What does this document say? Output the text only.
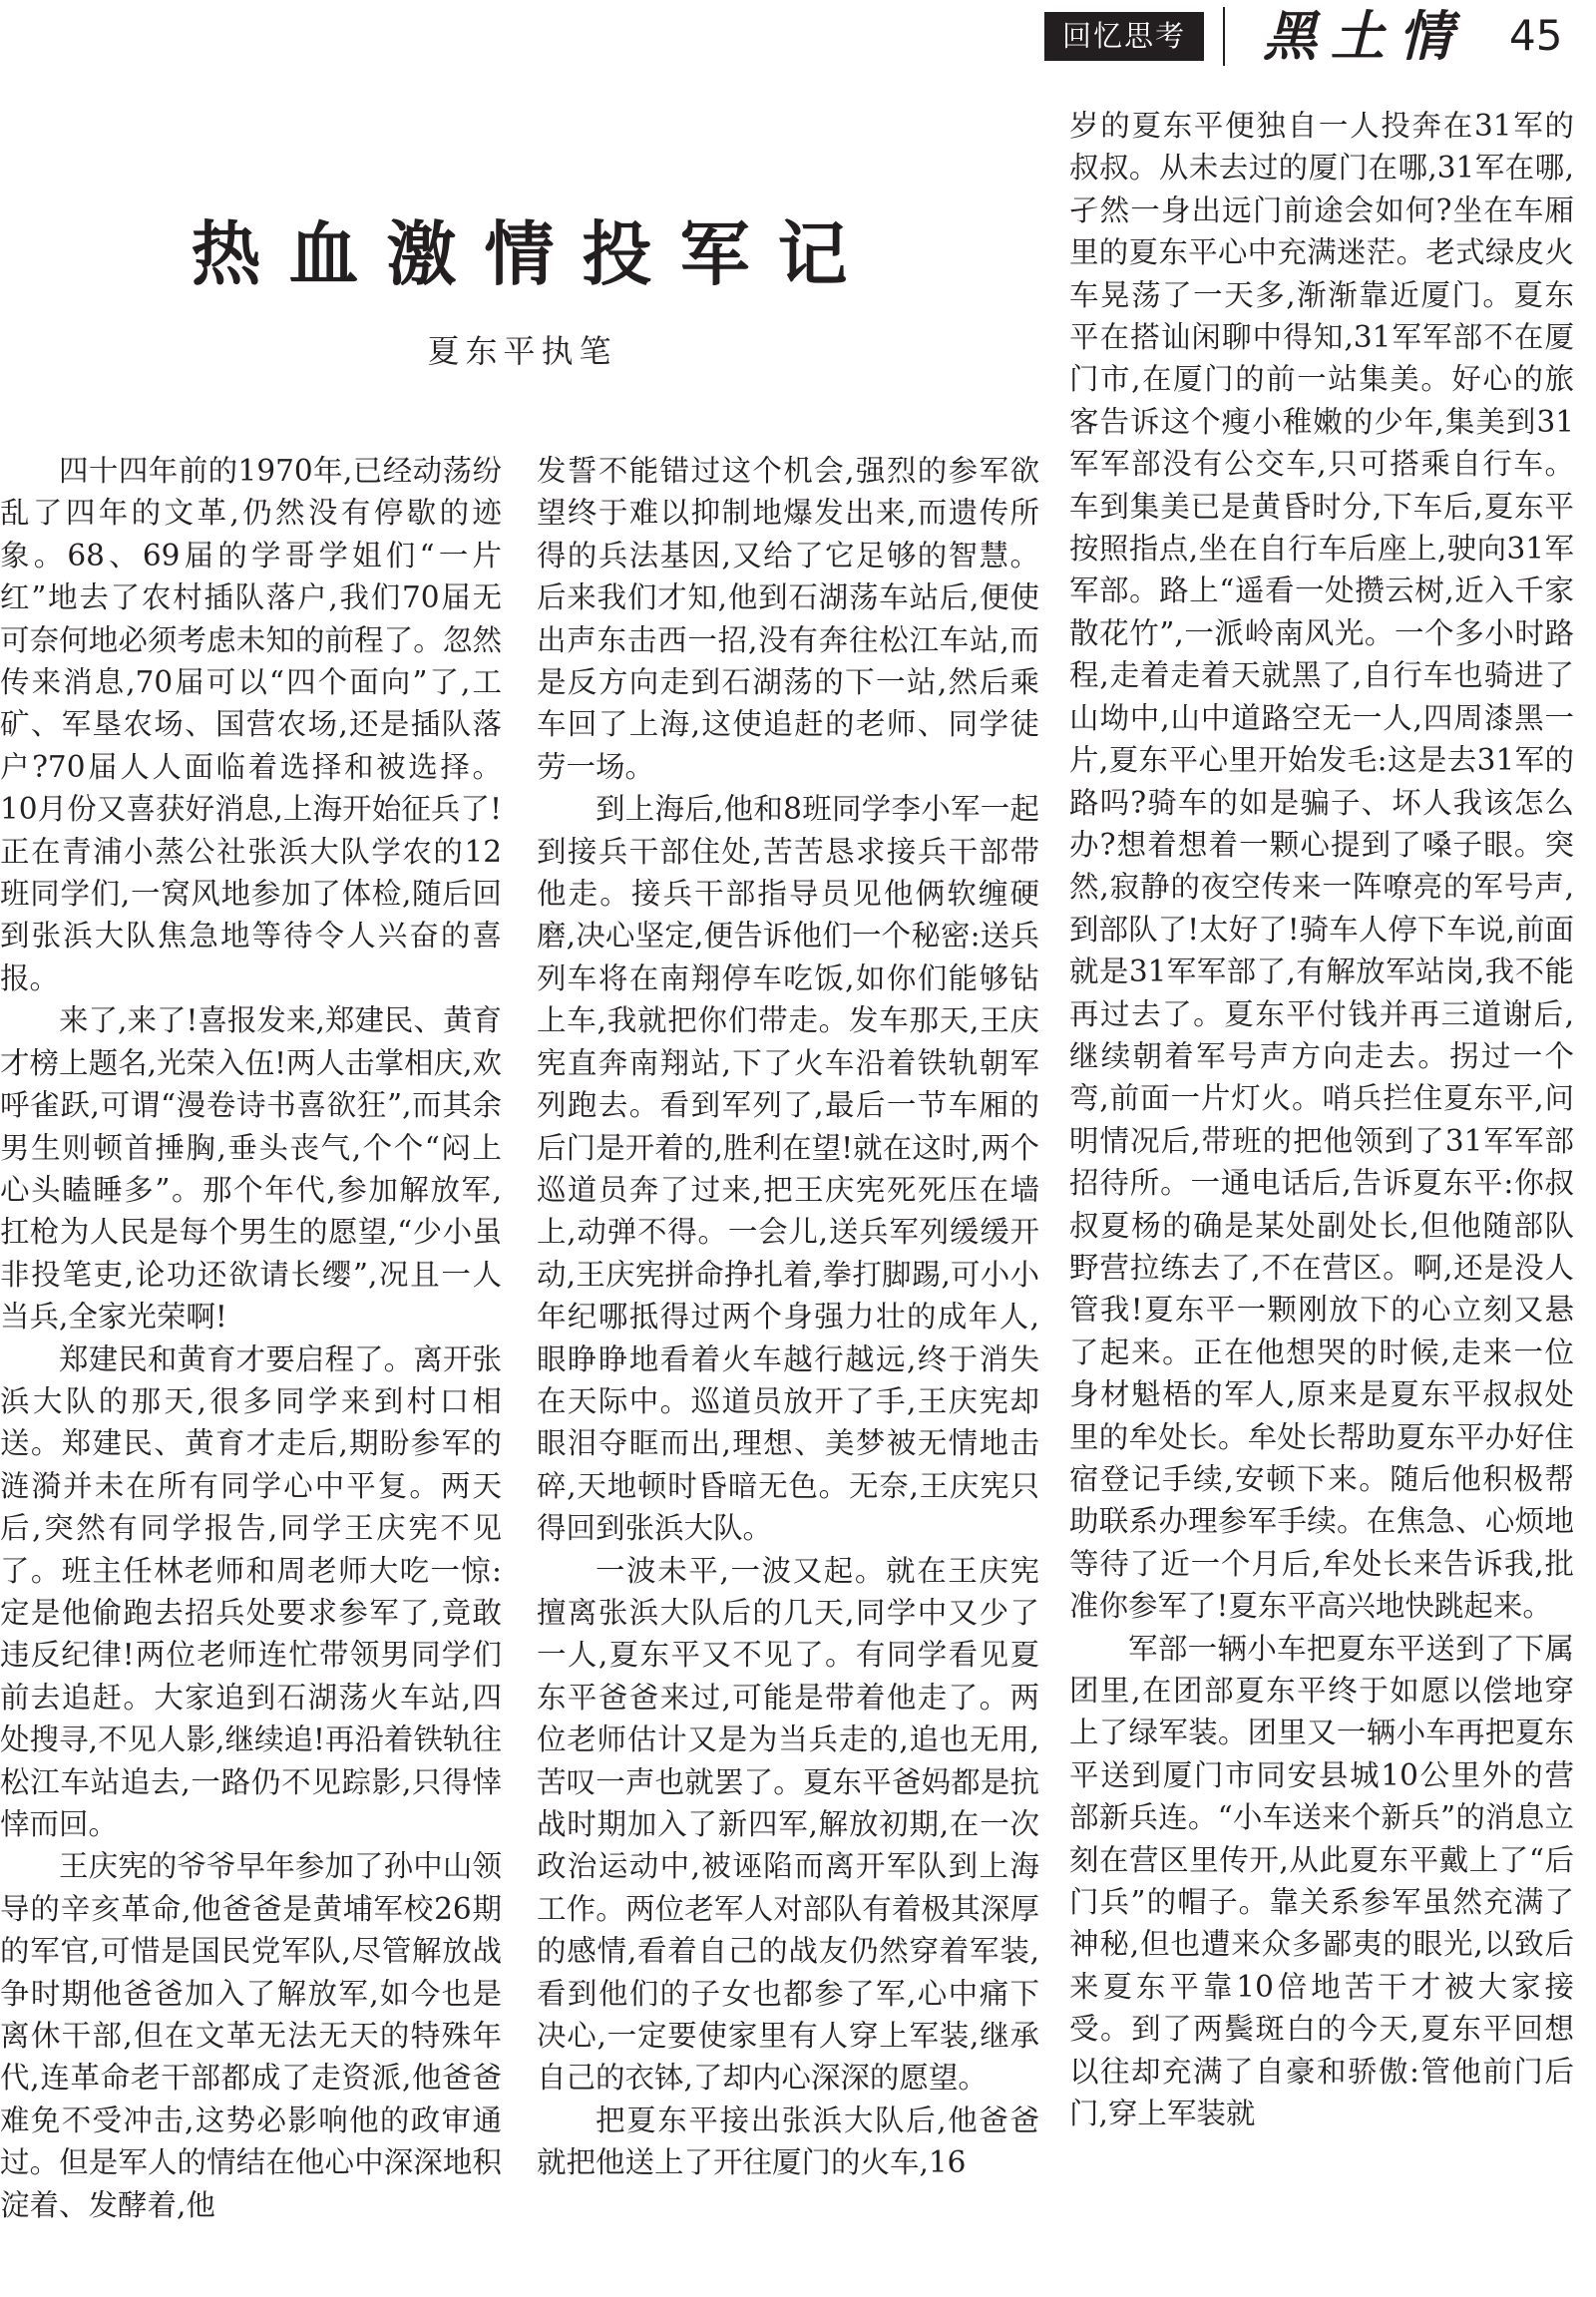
回忆思考	黑土情 45
热血激情投军记
夏东平执笔

四十四年前的1970年,已经动荡纷乱了四年的文革,仍然没有停歇的迹象。68、69届的学哥学姐们“一片红”地去了农村插队落户,我们70届无可奈何地必须考虑未知的前程了。忽然传来消息,70届可以“四个面向”了,工矿、军垦农场、国营农场,还是插队落户?70届人人面临着选择和被选择。10月份又喜获好消息,上海开始征兵了!正在青浦小蒸公社张浜大队学农的12班同学们,一窝风地参加了体检,随后回到张浜大队焦急地等待令人兴奋的喜报。

来了,来了!喜报发来,郑建民、黄育才榜上题名,光荣入伍!两人击掌相庆,欢呼雀跃,可谓“漫卷诗书喜欲狂”,而其余男生则顿首捶胸,垂头丧气,个个“闷上心头瞌睡多”。那个年代,参加解放军,扛枪为人民是每个男生的愿望,“少小虽非投笔吏,论功还欲请长缨”,况且一人当兵,全家光荣啊!

郑建民和黄育才要启程了。离开张浜大队的那天,很多同学来到村口相送。郑建民、黄育才走后,期盼参军的涟漪并未在所有同学心中平复。两天后,突然有同学报告,同学王庆宪不见了。班主任林老师和周老师大吃一惊:定是他偷跑去招兵处要求参军了,竟敢违反纪律!两位老师连忙带领男同学们前去追赶。大家追到石湖荡火车站,四处搜寻,不见人影,继续追!再沿着铁轨往松江车站追去,一路仍不见踪影,只得悻悻而回。

王庆宪的爷爷早年参加了孙中山领导的辛亥革命,他爸爸是黄埔军校26期的军官,可惜是国民党军队,尽管解放战争时期他爸爸加入了解放军,如今也是离休干部,但在文革无法无天的特殊年代,连革命老干部都成了走资派,他爸爸难免不受冲击,这势必影响他的政审通过。但是军人的情结在他心中深深地积淀着、发酵着,他

发誓不能错过这个机会,强烈的参军欲望终于难以抑制地爆发出来,而遗传所得的兵法基因,又给了它足够的智慧。后来我们才知,他到石湖荡车站后,便使出声东击西一招,没有奔往松江车站,而是反方向走到石湖荡的下一站,然后乘车回了上海,这使追赶的老师、同学徒劳一场。

到上海后,他和8班同学李小军一起到接兵干部住处,苦苦恳求接兵干部带他走。接兵干部指导员见他俩软缠硬磨,决心坚定,便告诉他们一个秘密:送兵列车将在南翔停车吃饭,如你们能够钻上车,我就把你们带走。发车那天,王庆宪直奔南翔站,下了火车沿着铁轨朝军列跑去。看到军列了,最后一节车厢的后门是开着的,胜利在望!就在这时,两个巡道员奔了过来,把王庆宪死死压在墙上,动弹不得。一会儿,送兵军列缓缓开动,王庆宪拼命挣扎着,拳打脚踢,可小小年纪哪抵得过两个身强力壮的成年人,眼睁睁地看着火车越行越远,终于消失在天际中。巡道员放开了手,王庆宪却眼泪夺眶而出,理想、美梦被无情地击碎,天地顿时昏暗无色。无奈,王庆宪只得回到张浜大队。

一波未平,一波又起。就在王庆宪擅离张浜大队后的几天,同学中又少了一人,夏东平又不见了。有同学看见夏东平爸爸来过,可能是带着他走了。两位老师估计又是为当兵走的,追也无用,苦叹一声也就罢了。夏东平爸妈都是抗战时期加入了新四军,解放初期,在一次政治运动中,被诬陷而离开军队到上海工作。两位老军人对部队有着极其深厚的感情,看着自己的战友仍然穿着军装,看到他们的子女也都参了军,心中痛下决心,一定要使家里有人穿上军装,继承自己的衣钵,了却内心深深的愿望。

把夏东平接出张浜大队后,他爸爸就把他送上了开往厦门的火车,16

岁的夏东平便独自一人投奔在31军的叔叔。从未去过的厦门在哪,31军在哪,孑然一身出远门前途会如何?坐在车厢里的夏东平心中充满迷茫。老式绿皮火车晃荡了一天多,渐渐靠近厦门。夏东平在搭讪闲聊中得知,31军军部不在厦门市,在厦门的前一站集美。好心的旅客告诉这个瘦小稚嫩的少年,集美到31军军部没有公交车,只可搭乘自行车。车到集美已是黄昏时分,下车后,夏东平按照指点,坐在自行车后座上,驶向31军军部。路上“遥看一处攒云树,近入千家散花竹”,一派岭南风光。一个多小时路程,走着走着天就黑了,自行车也骑进了山坳中,山中道路空无一人,四周漆黑一片,夏东平心里开始发毛:这是去31军的路吗?骑车的如是骗子、坏人我该怎么办?想着想着一颗心提到了嗓子眼。突然,寂静的夜空传来一阵嘹亮的军号声,到部队了!太好了!骑车人停下车说,前面就是31军军部了,有解放军站岗,我不能再过去了。夏东平付钱并再三道谢后,继续朝着军号声方向走去。拐过一个弯,前面一片灯火。哨兵拦住夏东平,问明情况后,带班的把他领到了31军军部招待所。一通电话后,告诉夏东平:你叔叔夏杨的确是某处副处长,但他随部队野营拉练去了,不在营区。啊,还是没人管我!夏东平一颗刚放下的心立刻又悬了起来。正在他想哭的时候,走来一位身材魁梧的军人,原来是夏东平叔叔处里的牟处长。牟处长帮助夏东平办好住宿登记手续,安顿下来。随后他积极帮助联系办理参军手续。在焦急、心烦地等待了近一个月后,牟处长来告诉我,批准你参军了!夏东平高兴地快跳起来。

军部一辆小车把夏东平送到了下属团里,在团部夏东平终于如愿以偿地穿上了绿军装。团里又一辆小车再把夏东平送到厦门市同安县城10公里外的营部新兵连。“小车送来个新兵”的消息立刻在营区里传开,从此夏东平戴上了“后门兵”的帽子。靠关系参军虽然充满了神秘,但也遭来众多鄙夷的眼光,以致后来夏东平靠10倍地苦干才被大家接受。到了两鬓斑白的今天,夏东平回想以往却充满了自豪和骄傲:管他前门后门,穿上军装就
